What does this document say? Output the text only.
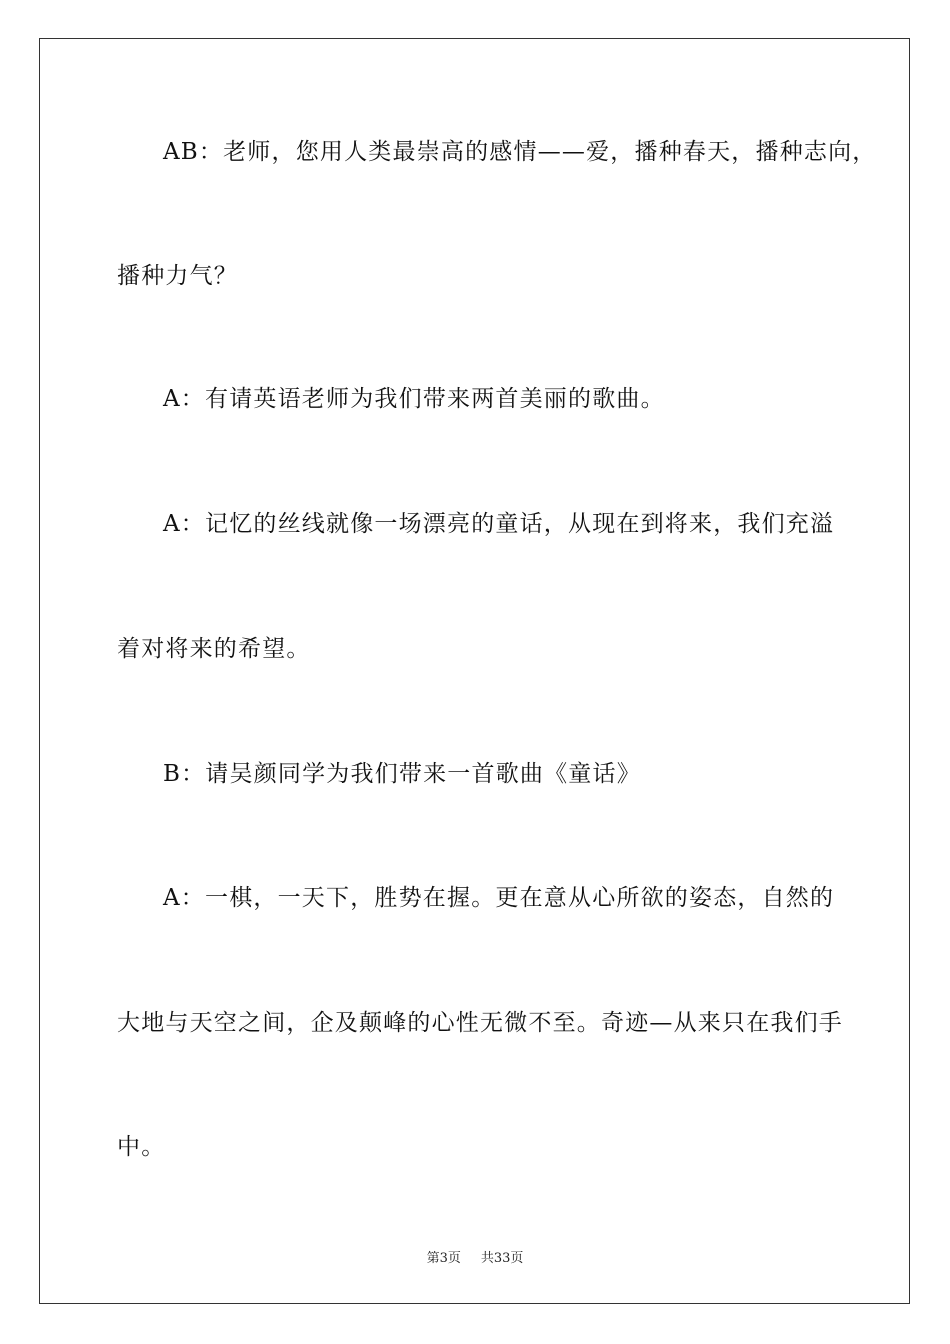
AB：老师，您用人类最崇高的感情——爱，播种春天，播种志向，
播种力气？
A：有请英语老师为我们带来两首美丽的歌曲。
A：记忆的丝线就像一场漂亮的童话，从现在到将来，我们充溢
着对将来的希望。
B：请吴颜同学为我们带来一首歌曲《童话》
A：一棋，一天下，胜势在握。更在意从心所欲的姿态，自然的
大地与天空之间，企及颠峰的心性无微不至。奇迹—从来只在我们手
中。
第3页 共33页
